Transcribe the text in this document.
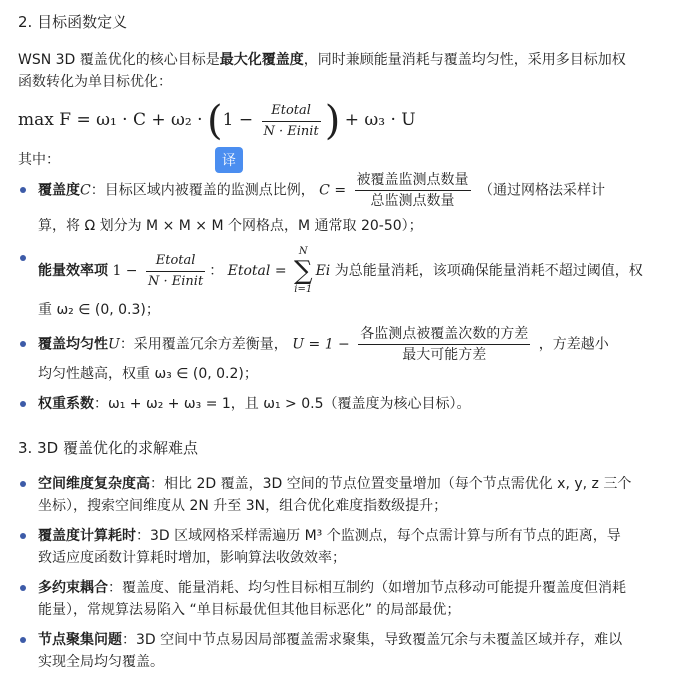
2. 目标函数定义
WSN 3D 覆盖优化的核心目标是最大化覆盖度，同时兼顾能量消耗与覆盖均匀性，采用多目标加权
函数转化为单目标优化：
$\max F = \omega_1 \cdot C + \omega_2 \cdot (1 - \frac{\text{Etotal}}{\text{N · Einit}}$ ) + ω₃ · U
其中：	译
覆盖度C：目标区域内被覆盖的监测点比例， $C = \frac{\text{被覆盖监测点数量}}{\text{总监测点数量}}$ （通过网格法采样计
算，将 Ω 划分为 M × M × M 个网格点，M 通常取 20-50）；
能量效率项 $1 - \frac{\text{Etotal}}{\text{N · Einit}}$ ： Etotal =
N
∑
i=1
Ei 为总能量消耗，该项确保能量消耗不超过阈值，权
重 ω₂ ∈ (0, 0.3)；
覆盖均匀性U：采用覆盖冗余方差衡量， $U = 1 - \frac{\text{各监测点被覆盖次数的方差}}{\text{最大可能方差}}$ ，方差越小
均匀性越高，权重 ω₃ ∈ (0, 0.2)；
权重系数：ω₁ + ω₂ + ω₃ = 1，且 ω₁ > 0.5（覆盖度为核心目标）。
3. 3D 覆盖优化的求解难点
空间维度复杂度高：相比 2D 覆盖，3D 空间的节点位置变量增加（每个节点需优化 x, y, z 三个
坐标），搜索空间维度从 2N 升至 3N，组合优化难度指数级提升；
覆盖度计算耗时：3D 区域网格采样需遍历 M³ 个监测点，每个点需计算与所有节点的距离，导
致适应度函数计算耗时增加，影响算法收敛效率；
多约束耦合：覆盖度、能量消耗、均匀性目标相互制约（如增加节点移动可能提升覆盖度但消耗
能量），常规算法易陷入 “单目标最优但其他目标恶化” 的局部最优；
节点聚集问题：3D 空间中节点易因局部覆盖需求聚集，导致覆盖冗余与未覆盖区域并存，难以
实现全局均匀覆盖。
